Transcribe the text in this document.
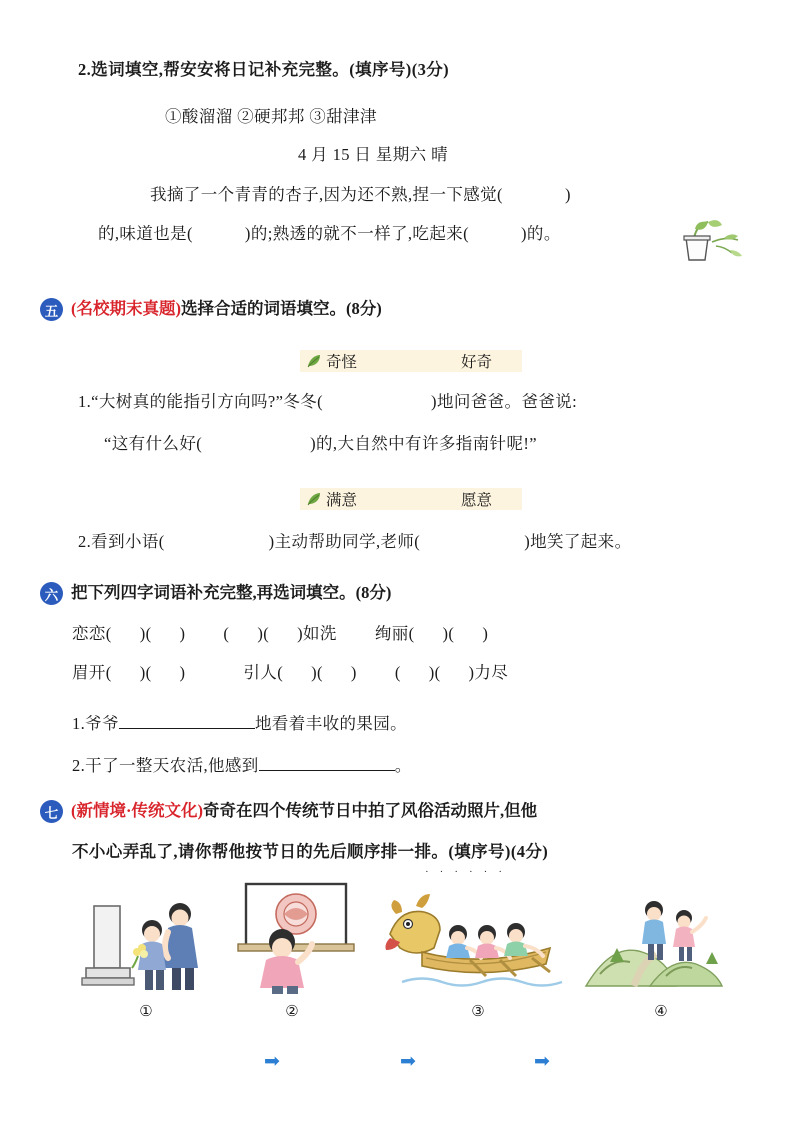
2.选词填空,帮安安将日记补充完整。(填序号)(3分)
①酸溜溜 ②硬邦邦 ③甜津津
4 月 15 日 星期六 晴
我摘了一个青青的杏子,因为还不熟,捏一下感觉(	)
的,味道也是(	)的;熟透的就不一样了,吃起来(	)的。
五 (名校期末真题)选择合适的词语填空。(8分)
奇怪	好奇
1.“大树真的能指引方向吗?”冬冬(	)地问爸爸。爸爸说:
“这有什么好(	)的,大自然中有许多指南针呢!”
满意	愿意
2.看到小语(	)主动帮助同学,老师(	)地笑了起来。
六 把下列四字词语补充完整,再选词填空。(8分)
恋恋( )( ) ( )( )如洗 绚丽( )( )
眉开( )( )	引人( )( ) ( )( )力尽
1.爷爷	地看着丰收的果园。
2.干了一整天农活,他感到	。
七 (新情境·传统文化)奇奇在四个传统节日中拍了风俗活动照片,但他
不小心弄乱了,请你帮他按节日的先后顺序排一排。(填序号)(4分)
······
①	②	③	④
➡	➡	➡
